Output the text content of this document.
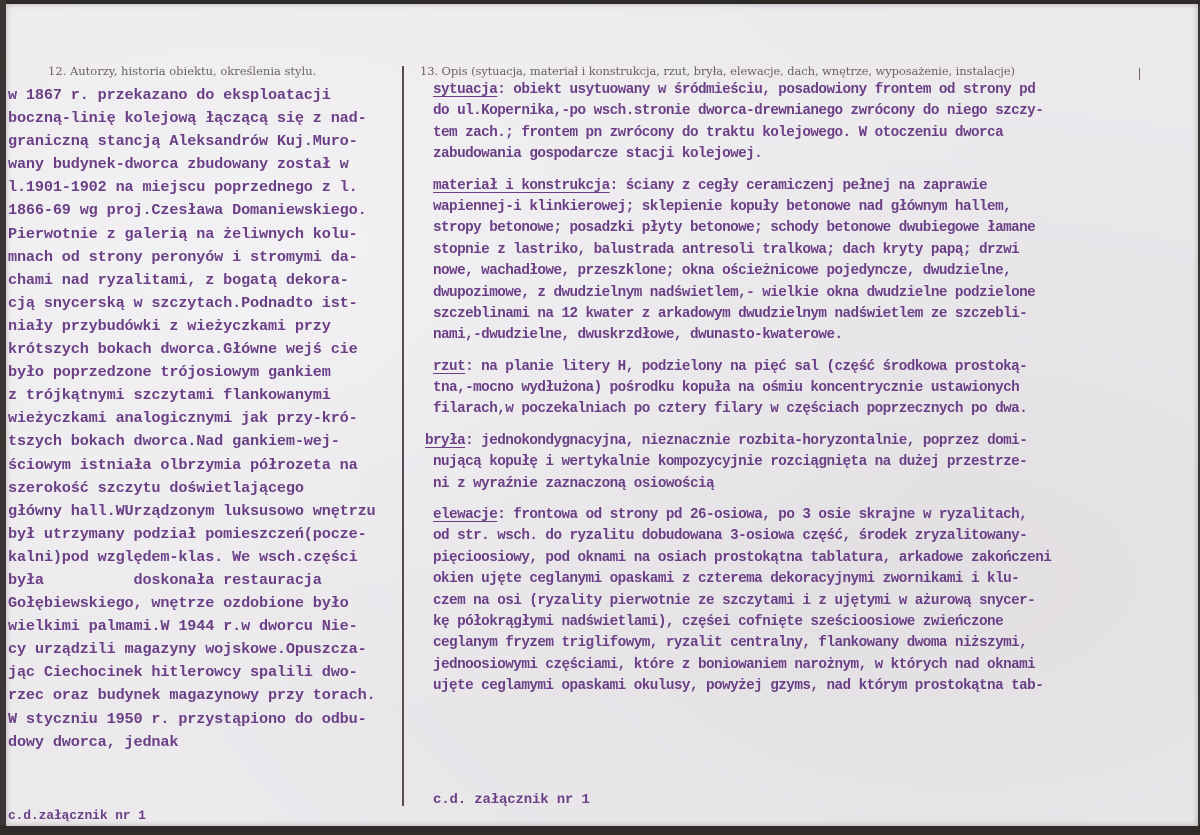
12. Autorzy, historia obiektu, określenia stylu.	13. Opis (sytuacja, materiał i konstrukcja, rzut, bryła, elewacje, dach, wnętrze, wyposażenie, instalacje)
w 1867 r. przekazano do eksploatacji
boczną-linię kolejową łączącą się z nad-
graniczną stancją Aleksandrów Kuj.Muro-
wany budynek-dworca zbudowany został w
l.1901-1902 na miejscu poprzednego z l.
1866-69 wg proj.Czesława Domaniewskiego.
Pierwotnie z galerią na żeliwnych kolu-
mnach od strony peronyów i stromymi da-
chami nad ryzalitami, z bogatą dekora-
cją snycerską w szczytach.Podnadto ist-
niały przybudówki z wieżyczkami przy
krótszych bokach dworca.Główne wejś cie
było poprzedzone trójosiowym gankiem
z trójkątnymi szczytami flankowanymi
wieżyczkami analogicznymi jak przy-kró-
tszych bokach dworca.Nad gankiem-wej-
ściowym istniała olbrzymia półrozeta na
szerokość szczytu doświetlającego
główny hall.WUrządzonym luksusowo wnętrzu
był utrzymany podział pomieszczeń(pocze-
kalni)pod względem-klas. We wsch.części
była          doskonała restauracja
Gołębiewskiego, wnętrze ozdobione było
wielkimi palmami.W 1944 r.w dworcu Nie-
cy urządzili magazyny wojskowe.Opuszcza-
jąc Ciechocinek hitlerowcy spalili dwo-
rzec oraz budynek magazynowy przy torach.
W styczniu 1950 r. przystąpiono do odbu-
dowy dworca, jednak
c.d.załącznik nr 1
sytuacja: obiekt usytuowany w śródmieściu, posadowiony frontem od strony pd
do ul.Kopernika,-po wsch.stronie dworca-drewnianego zwrócony do niego szczy-
tem zach.; frontem pn zwrócony do traktu kolejowego. W otoczeniu dworca
zabudowania gospodarcze stacji kolejowej.
materiał i konstrukcja: ściany z cegły ceramiczenj pełnej na zaprawie
wapiennej-i klinkierowej; sklepienie kopuły betonowe nad głównym hallem,
stropy betonowe; posadzki płyty betonowe; schody betonowe dwubiegowe łamane
stopnie z lastriko, balustrada antresoli tralkowa; dach kryty papą; drzwi
nowe, wachadłowe, przeszklone; okna ościeżnicowe pojedyncze, dwudzielne,
dwupozimowe, z dwudzielnym nadświetlem,- wielkie okna dwudzielne podzielone
szczeblinami na 12 kwater z arkadowym dwudzielnym nadświetlem ze szczebli-
nami,-dwudzielne, dwuskrzdłowe, dwunasto-kwaterowe.
rzut: na planie litery H, podzielony na pięć sal (część środkowa prostoką-
tna,-mocno wydłużona) pośrodku kopuła na ośmiu koncentrycznie ustawionych
filarach,w poczekalniach po cztery filary w częściach poprzecznych po dwa.
bryła: jednokondygnacyjna, nieznacznie rozbita-horyzontalnie, poprzez domi-
nującą kopułę i wertykalnie kompozycyjnie rozciągnięta na dużej przestrze-
ni z wyraźnie zaznaczoną osiowością
elewacje: frontowa od strony pd 26-osiowa, po 3 osie skrajne w ryzalitach,
od str. wsch. do ryzalitu dobudowana 3-osiowa część, środek zryzalitowany-
pięcioosiowy, pod oknami na osiach prostokątna tablatura, arkadowe zakończeni
okien ujęte ceglanymi opaskami z czterema dekoracyjnymi zwornikami i klu-
czem na osi (ryzality pierwotnie ze szczytami i z ujętymi w ażurową snycer-
kę półokrągłymi nadświetlami), częśei cofnięte sześcioosiowe zwieńczone
ceglanym fryzem triglifowym, ryzalit centralny, flankowany dwoma niższymi,
jednoosiowymi częściami, które z boniowaniem narożnym, w których nad oknami
ujęte ceglamymi opaskami okulusy, powyżej gzyms, nad którym prostokątna tab-
c.d. załącznik nr 1
